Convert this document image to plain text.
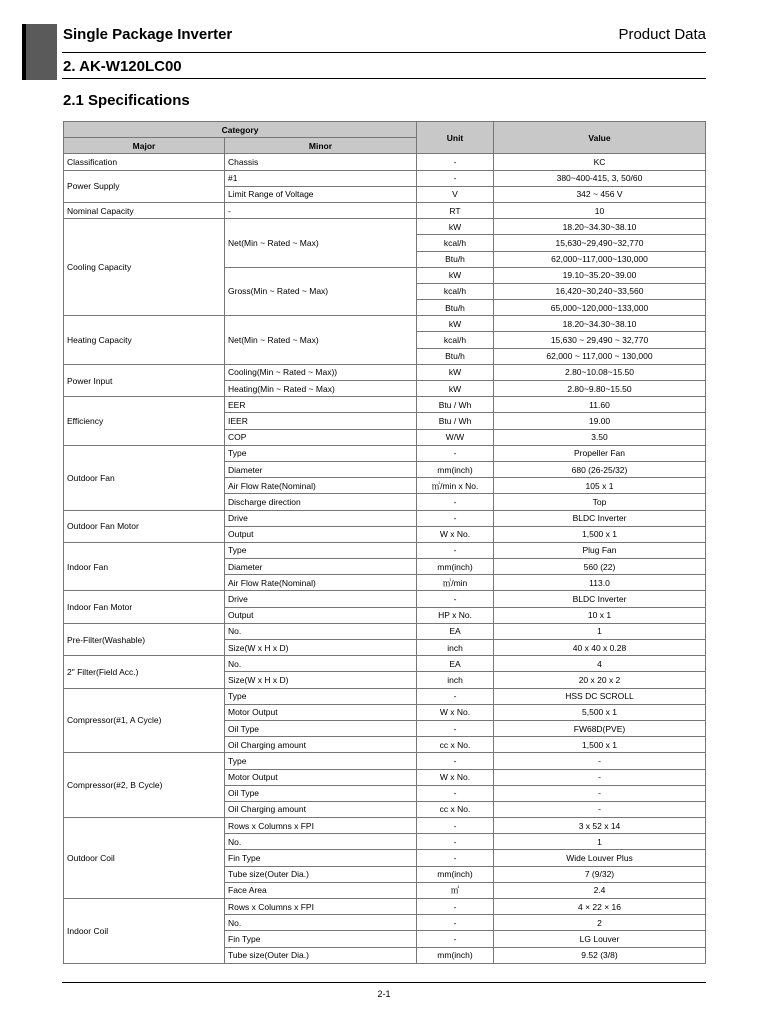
Single Package Inverter	Product Data
2. AK-W120LC00
2.1 Specifications
Category		Unit	Value
Major	Minor		
Classification	Chassis	-	KC
Power Supply	#1	-	380~400-415, 3, 50/60
	Limit Range of Voltage	V	342 ~ 456 V
Nominal Capacity	-	RT	10
Cooling Capacity	Net(Min ~ Rated ~ Max)	kW	18.20~34.30~38.10
		kcal/h	15,630~29,490~32,770
		Btu/h	62,000~117,000~130,000
	Gross(Min ~ Rated ~ Max)	kW	19.10~35.20~39.00
		kcal/h	16,420~30,240~33,560
		Btu/h	65,000~120,000~133,000
Heating Capacity	Net(Min ~ Rated ~ Max)	kW	18.20~34.30~38.10
		kcal/h	15,630 ~ 29,490 ~ 32,770
		Btu/h	62,000 ~ 117,000 ~ 130,000
Power Input	Cooling(Min ~ Rated ~ Max))	kW	2.80~10.08~15.50
	Heating(Min ~ Rated ~ Max)	kW	2.80~9.80~15.50
Efficiency	EER	Btu / Wh	11.60
	IEER	Btu / Wh	19.00
	COP	W/W	3.50
Outdoor Fan	Type	-	Propeller Fan
	Diameter	mm(inch)	680 (26-25/32)
	Air Flow Rate(Nominal)	㎥/min x No.	105 x 1
	Discharge direction	-	Top
Outdoor Fan Motor	Drive	-	BLDC Inverter
	Output	W x No.	1,500 x 1
Indoor Fan	Type	-	Plug Fan
	Diameter	mm(inch)	560 (22)
	Air Flow Rate(Nominal)	㎥/min	113.0
Indoor Fan Motor	Drive	-	BLDC Inverter
	Output	HP x No.	10 x 1
Pre-Filter(Washable)	No.	EA	1
	Size(W x H x D)	inch	40 x 40 x 0.28
2" Filter(Field Acc.)	No.	EA	4
	Size(W x H x D)	inch	20 x 20 x 2
Compressor(#1, A Cycle)	Type	-	HSS DC SCROLL
	Motor Output	W x No.	5,500 x 1
	Oil Type	-	FW68D(PVE)
	Oil Charging amount	cc x No.	1,500 x 1
Compressor(#2, B Cycle)	Type	-	-
	Motor Output	W x No.	-
	Oil Type	-	-
	Oil Charging amount	cc x No.	-
Outdoor Coil	Rows x Columns x FPI	-	3 x 52 x 14
	No.	-	1
	Fin Type	-	Wide Louver Plus
	Tube size(Outer Dia.)	mm(inch)	7 (9/32)
	Face Area	㎡	2.4
Indoor Coil	Rows x Columns x FPI	-	4 × 22 × 16
	No.	-	2
	Fin Type	-	LG Louver
	Tube size(Outer Dia.)	mm(inch)	9.52 (3/8)
2-1
